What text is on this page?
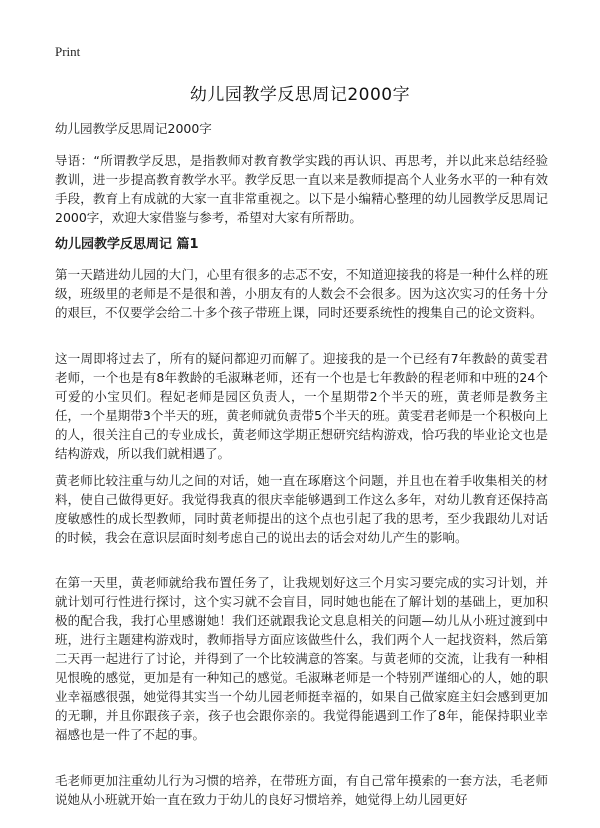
Print
幼儿园教学反思周记2000字

幼儿园教学反思周记2000字

导语：“所谓教学反思，是指教师对教育教学实践的再认识、再思考，并以此来总结经验教训，进一步提高教育教学水平。教学反思一直以来是教师提高个人业务水平的一种有效手段，教育上有成就的大家一直非常重视之。以下是小编精心整理的幼儿园教学反思周记2000字，欢迎大家借鉴与参考，希望对大家有所帮助。

幼儿园教学反思周记 篇1

第一天踏进幼儿园的大门，心里有很多的忐忑不安，不知道迎接我的将是一种什么样的班级，班级里的老师是不是很和善，小朋友有的人数会不会很多。因为这次实习的任务十分的艰巨，不仅要学会给二十多个孩子带班上课，同时还要系统性的搜集自己的论文资料。

这一周即将过去了，所有的疑问都迎刃而解了。迎接我的是一个已经有7年教龄的黄雯君老师，一个也是有8年教龄的毛淑琳老师，还有一个也是七年教龄的程老师和中班的24个可爱的小宝贝们。程妃老师是园区负责人，一个星期带2个半天的班，黄老师是教务主任，一个星期带3个半天的班，黄老师就负责带5个半天的班。黄雯君老师是一个积极向上的人，很关注自己的专业成长，黄老师这学期正想研究结构游戏，恰巧我的毕业论文也是结构游戏，所以我们就相遇了。

黄老师比较注重与幼儿之间的对话，她一直在琢磨这个问题，并且也在着手收集相关的材料，使自己做得更好。我觉得我真的很庆幸能够遇到工作这么多年，对幼儿教育还保持高度敏感性的成长型教师，同时黄老师提出的这个点也引起了我的思考，至少我跟幼儿对话的时候，我会在意识层面时刻考虑自己的说出去的话会对幼儿产生的影响。

在第一天里，黄老师就给我布置任务了，让我规划好这三个月实习要完成的实习计划，并就计划可行性进行探讨，这个实习就不会盲目，同时她也能在了解计划的基础上，更加积极的配合我，我打心里感谢她！我们还就跟我论文息息相关的问题—幼儿从小班过渡到中班，进行主题建构游戏时，教师指导方面应该做些什么，我们两个人一起找资料，然后第二天再一起进行了讨论，并得到了一个比较满意的答案。与黄老师的交流，让我有一种相见恨晚的感觉，更加是有一种知己的感觉。毛淑琳老师是一个特别严谨细心的人，她的职业幸福感很强，她觉得其实当一个幼儿园老师挺幸福的，如果自己做家庭主妇会感到更加的无聊，并且你跟孩子亲，孩子也会跟你亲的。我觉得能遇到工作了8年，能保持职业幸福感也是一件了不起的事。

毛老师更加注重幼儿行为习惯的培养，在带班方面，有自己常年摸索的一套方法，毛老师说她从小班就开始一直在致力于幼儿的良好习惯培养，她觉得上幼儿园更好
